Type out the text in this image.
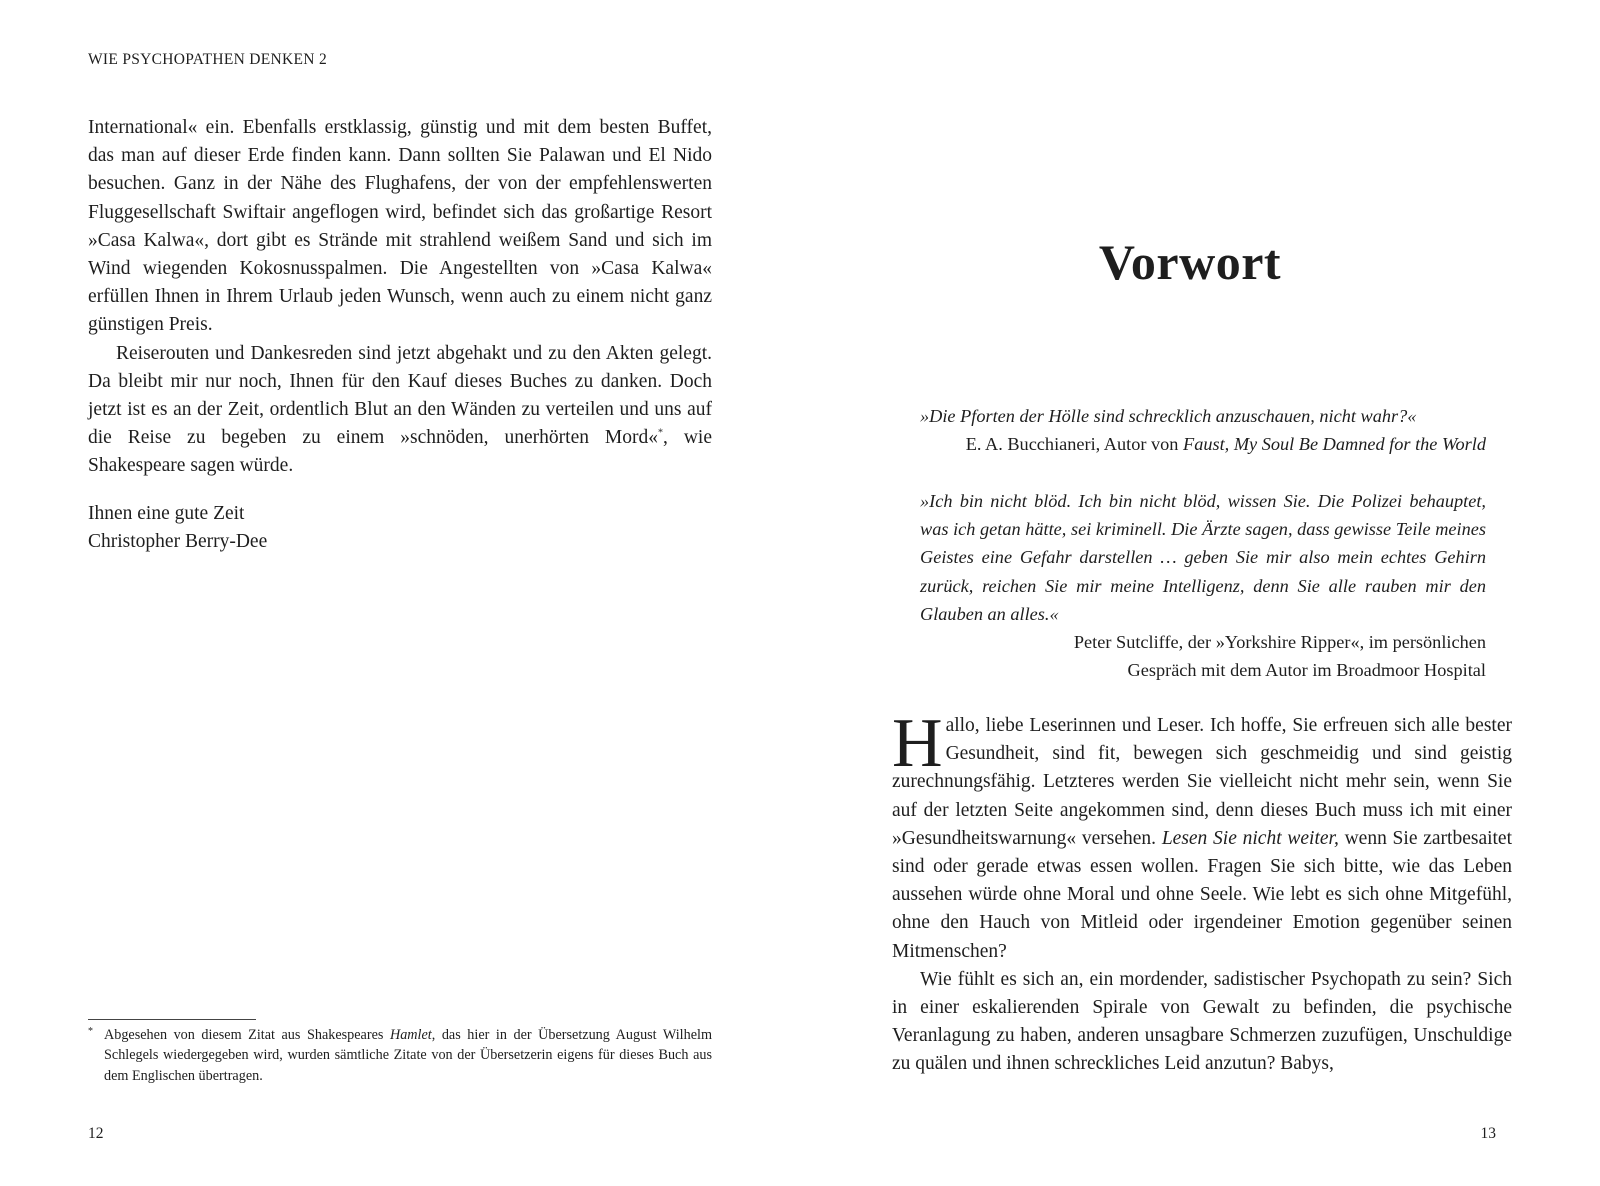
WIE PSYCHOPATHEN DENKEN 2

International« ein. Ebenfalls erstklassig, günstig und mit dem besten Buffet, das man auf dieser Erde finden kann. Dann sollten Sie Palawan und El Nido besuchen. Ganz in der Nähe des Flughafens, der von der empfehlenswerten Fluggesellschaft Swiftair angeflogen wird, befindet sich das großartige Resort »Casa Kalwa«, dort gibt es Strände mit strahlend weißem Sand und sich im Wind wiegenden Kokosnusspalmen. Die Angestellten von »Casa Kalwa« erfüllen Ihnen in Ihrem Urlaub jeden Wunsch, wenn auch zu einem nicht ganz günstigen Preis.

Reiserouten und Dankesreden sind jetzt abgehakt und zu den Akten gelegt. Da bleibt mir nur noch, Ihnen für den Kauf dieses Buches zu danken. Doch jetzt ist es an der Zeit, ordentlich Blut an den Wänden zu verteilen und uns auf die Reise zu begeben zu einem »schnöden, unerhörten Mord«*, wie Shakespeare sagen würde.

Ihnen eine gute Zeit
Christopher Berry-Dee
* Abgesehen von diesem Zitat aus Shakespeares Hamlet, das hier in der Übersetzung August Wilhelm Schlegels wiedergegeben wird, wurden sämtliche Zitate von der Übersetzerin eigens für dieses Buch aus dem Englischen übertragen.
12
Vorwort
»Die Pforten der Hölle sind schrecklich anzuschauen, nicht wahr?«
E. A. Bucchianeri, Autor von Faust, My Soul Be Damned for the World
»Ich bin nicht blöd. Ich bin nicht blöd, wissen Sie. Die Polizei behauptet, was ich getan hätte, sei kriminell. Die Ärzte sagen, dass gewisse Teile meines Geistes eine Gefahr darstellen … geben Sie mir also mein echtes Gehirn zurück, reichen Sie mir meine Intelligenz, denn Sie alle rauben mir den Glauben an alles.«
Peter Sutcliffe, der »Yorkshire Ripper«, im persönlichen
Gespräch mit dem Autor im Broadmoor Hospital

Hallo, liebe Leserinnen und Leser. Ich hoffe, Sie erfreuen sich alle bester Gesundheit, sind fit, bewegen sich geschmeidig und sind geistig zurechnungsfähig. Letzteres werden Sie vielleicht nicht mehr sein, wenn Sie auf der letzten Seite angekommen sind, denn dieses Buch muss ich mit einer »Gesundheitswarnung« versehen. Lesen Sie nicht weiter, wenn Sie zartbesaitet sind oder gerade etwas essen wollen. Fragen Sie sich bitte, wie das Leben aussehen würde ohne Moral und ohne Seele. Wie lebt es sich ohne Mitgefühl, ohne den Hauch von Mitleid oder irgendeiner Emotion gegenüber seinen Mitmenschen?

Wie fühlt es sich an, ein mordender, sadistischer Psychopath zu sein? Sich in einer eskalierenden Spirale von Gewalt zu befinden, die psychische Veranlagung zu haben, anderen unsagbare Schmerzen zuzufügen, Unschuldige zu quälen und ihnen schreckliches Leid anzutun? Babys,

13
